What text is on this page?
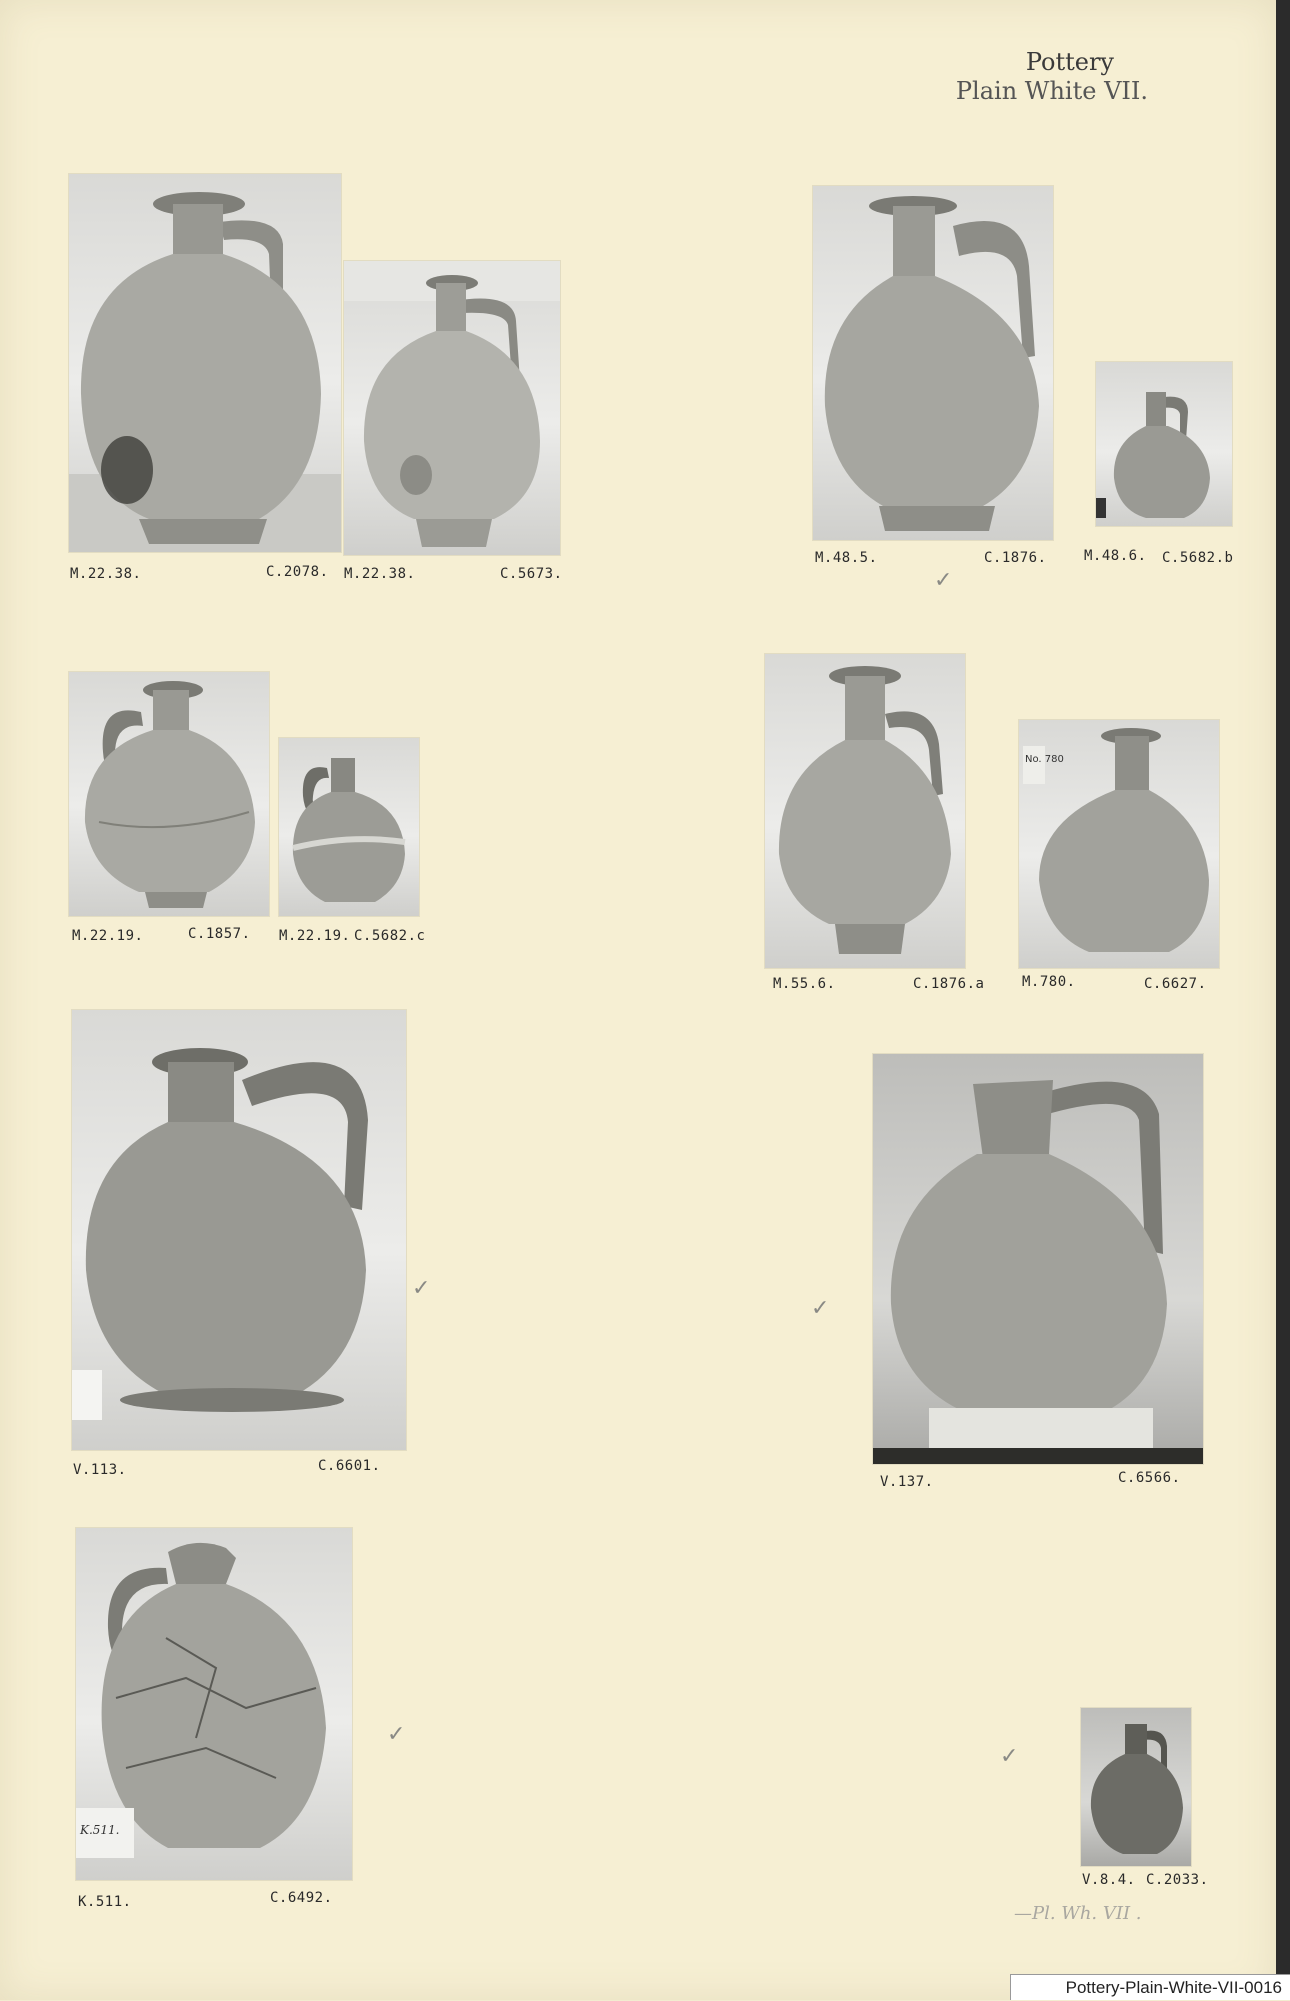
Pottery
Plain White VII.
M.22.38.	C.2078. M.22.38.	C.5673.
M.48.5.	C.1876.	M.48.6. C.5682.b
✓
M.22.19.	C.1857. M.22.19. C.5682.c
No. 780
M.55.6.	C.1876.a	M.780.	C.6627.
V.113.	C.6601.
✓
V.137.	C.6566.
✓
K.511.
K.511.	C.6492.
✓
V.8.4. C.2033.
✓
—Pl. Wh. VII .
Pottery-Plain-White-VII-0016
